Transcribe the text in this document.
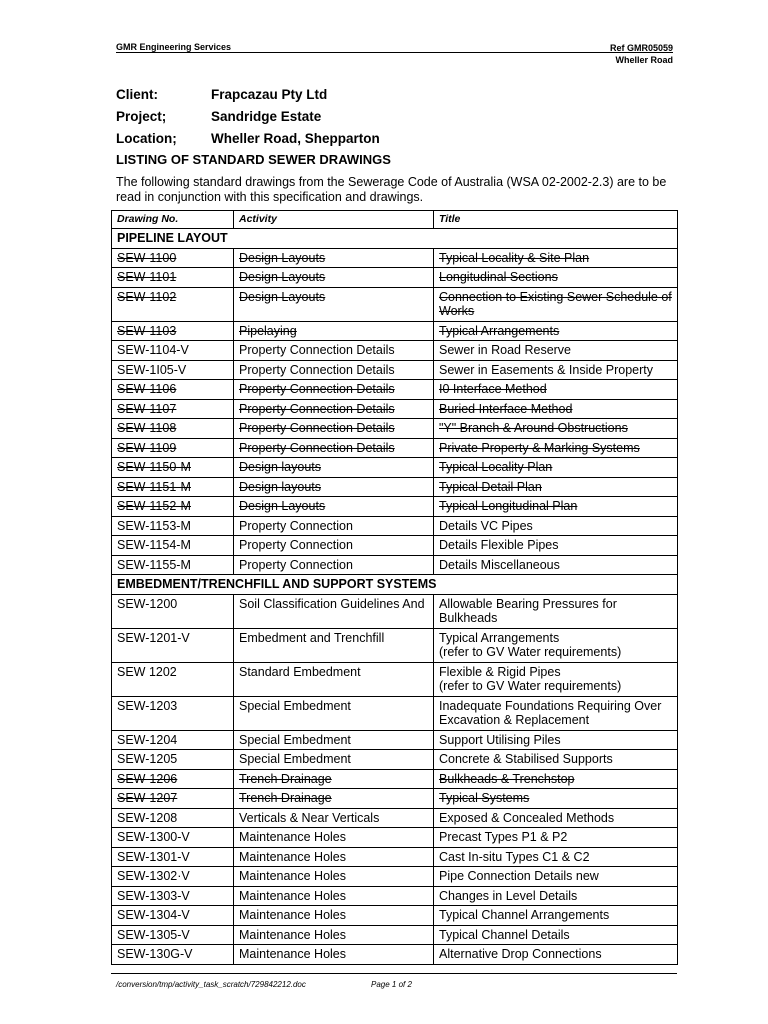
GMR Engineering Services	Ref GMR05059
Wheller Road
Client:	Frapcazau Pty Ltd
Project;	Sandridge Estate
Location;	Wheller Road, Shepparton
LISTING OF STANDARD SEWER DRAWINGS
The following standard drawings from the Sewerage Code of Australia (WSA 02-2002-2.3) are to be read in conjunction with this specification and drawings.
Drawing No.	Activity	Title
PIPELINE LAYOUT		
SEW-1100	Design Layouts	Typical Locality & Site Plan
SEW-1101	Design Layouts	Longitudinal Sections
SEW-1102	Design Layouts	Connection to Existing Sewer Schedule of Works
SEW-1103	Pipelaying	Typical Arrangements
SEW-1104-V	Property Connection Details	Sewer in Road Reserve
SEW-1I05-V	Property Connection Details	Sewer in Easements & Inside Property
SEW-1106	Property Connection Details	I0 Interface Method
SEW-1107	Property Connection Details	Buried Interface Method
SEW-1108	Property Connection Details	"Y" Branch & Around Obstructions
SEW-1109	Property Connection Details	Private Property & Marking Systems
SEW-1150-M	Design layouts	Typical Locality Plan
SEW-1151-M	Design layouts	Typical Detail Plan
SEW-1152-M	Design Layouts	Typical Longitudinal Plan
SEW-1153-M	Property Connection	Details VC Pipes
SEW-1154-M	Property Connection	Details Flexible Pipes
SEW-1155-M	Property Connection	Details Miscellaneous
EMBEDMENT/TRENCHFILL AND SUPPORT SYSTEMS		
SEW-1200	Soil Classification Guidelines And	Allowable Bearing Pressures for Bulkheads
SEW-1201-V	Embedment and Trenchfill	Typical Arrangements
(refer to GV Water requirements)
SEW 1202	Standard Embedment	Flexible & Rigid Pipes
(refer to GV Water requirements)
SEW-1203	Special Embedment	Inadequate Foundations Requiring Over Excavation & Replacement
SEW-1204	Special Embedment	Support Utilising Piles
SEW-1205	Special Embedment	Concrete & Stabilised Supports
SEW-1206	Trench Drainage	Bulkheads & Trenchstop
SEW-1207	Trench Drainage	Typical Systems
SEW-1208	Verticals & Near Verticals	Exposed & Concealed Methods
SEW-1300-V	Maintenance Holes	Precast Types P1 & P2
SEW-1301-V	Maintenance Holes	Cast In-situ Types C1 & C2
SEW-1302·V	Maintenance Holes	Pipe Connection Details new
SEW-1303-V	Maintenance Holes	Changes in Level Details
SEW-1304-V	Maintenance Holes	Typical Channel Arrangements
SEW-1305-V	Maintenance Holes	Typical Channel Details
SEW-130G-V	Maintenance Holes	Alternative Drop Connections
/conversion/tmp/activity_task_scratch/729842212.doc	Page 1 of 2
